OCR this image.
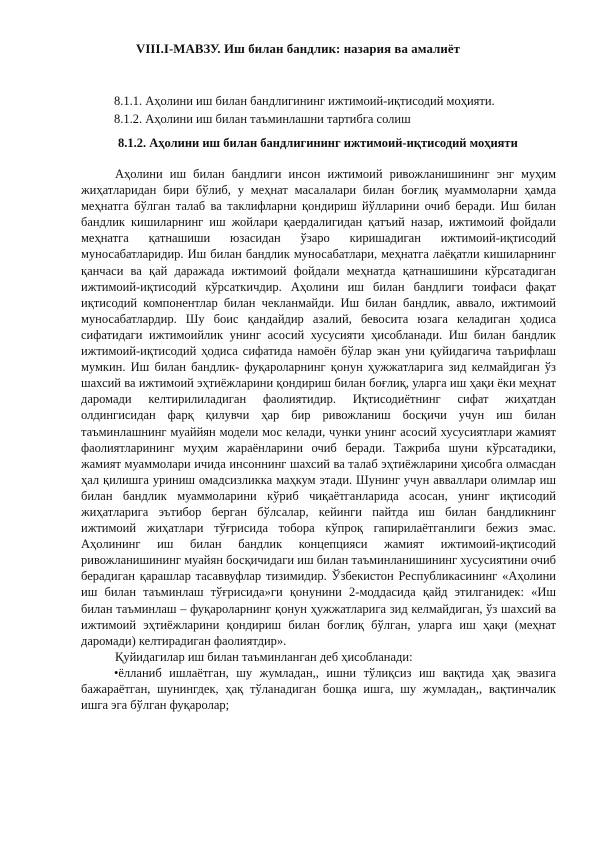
VIII.I-МАВЗУ. Иш билан бандлик: назария ва амалиёт
8.1.1. Аҳолини иш билан бандлигининг ижтимоий-иқтисодий моҳияти.
8.1.2. Аҳолини иш билан таъминлашни тартибга солиш
8.1.2. Аҳолини иш билан бандлигининг ижтимоий-иқтисодий моҳияти

Аҳолини иш билан бандлиги инсон ижтимоий ривожланишининг энг муҳим жиҳатларидан бири бўлиб, у меҳнат масалалари билан боғлиқ муаммоларни ҳамда меҳнатга бўлган талаб ва таклифларни қондириш йўлларини очиб беради. Иш билан бандлик кишиларнинг иш жойлари қаердалигидан қатъий назар, ижтимоий фойдали меҳнатга қатнашиши юзасидан ўзаро киришадиган ижтимоий-иқтисодий муносабатларидир. Иш билан бандлик муносабатлари, меҳнатга лаёқатли кишиларнинг қанчаси ва қай даражада ижтимоий фойдали меҳнатда қатнашишини кўрсатадиган ижтимоий-иқтисодий кўрсаткичдир. Аҳолини иш билан бандлиги тоифаси фақат иқтисодий компонентлар билан чекланмайди. Иш билан бандлик, аввало, ижтимоий муносабатлардир. Шу боис қандайдир азалий, бевосита юзага келадиган ҳодиса сифатидаги ижтимоийлик унинг асосий хусусияти ҳисобланади. Иш билан бандлик ижтимоий-иқтисодий ҳодиса сифатида намоён бўлар экан уни қуйидагича таърифлаш мумкин. Иш билан бандлик- фуқароларнинг қонун ҳужжатларига зид келмайдиган ўз шахсий ва ижтимоий эҳтиёжларини қондириш билан боғлиқ, уларга иш ҳақи ёки меҳнат даромади келтирилиладиган фаолиятидир. Иқтисодиётнинг сифат жиҳатдан олдингисидан фарқ қилувчи ҳар бир ривожланиш босқичи учун иш билан таъминлашнинг муаййян модели мос келади, чунки унинг асосий хусусиятлари жамият фаолиятларининг муҳим жараёнларини очиб беради. Тажриба шуни кўрсатадики, жамият муаммолари ичида инсоннинг шахсий ва талаб эҳтиёжларини ҳисобга олмасдан ҳал қилишга уриниш омадсизликка маҳкум этади. Шунинг учун авваллари олимлар иш билан бандлик муаммоларини кўриб чиқаётганларида асосан, унинг иқтисодий жиҳатларига эътибор берган бўлсалар, кейинги пайтда иш билан бандликнинг ижтимоий жиҳатлари тўғрисида тобора кўпроқ гапирилаётганлиги бежиз эмас. Аҳолининг иш билан бандлик концепцияси жамият ижтимоий-иқтисодий ривожланишининг муайян босқичидаги иш билан таъминланишининг хусусиятини очиб берадиган қарашлар тасаввуфлар тизимидир. Ўзбекистон Республикасининг «Аҳолини иш билан таъминлаш тўғрисида»ги қонунини 2-моддасида қайд этилганидек: «Иш билан таъминлаш – фуқароларнинг қонун ҳужжатларига зид келмайдиган, ўз шахсий ва ижтимоий эҳтиёжларини қондириш билан боғлиқ бўлган, уларга иш ҳақи (меҳнат даромади) келтирадиган фаолиятдир».

Қуйидагилар иш билан таъминланган деб ҳисобланади:

•ёлланиб ишлаётган, шу жумладан,, ишни тўлиқсиз иш вақтида ҳақ эвазига бажараётган, шунингдек, ҳақ тўланадиган бошқа ишга, шу жумладан,, вақтинчалик ишга эга бўлган фуқаролар;
